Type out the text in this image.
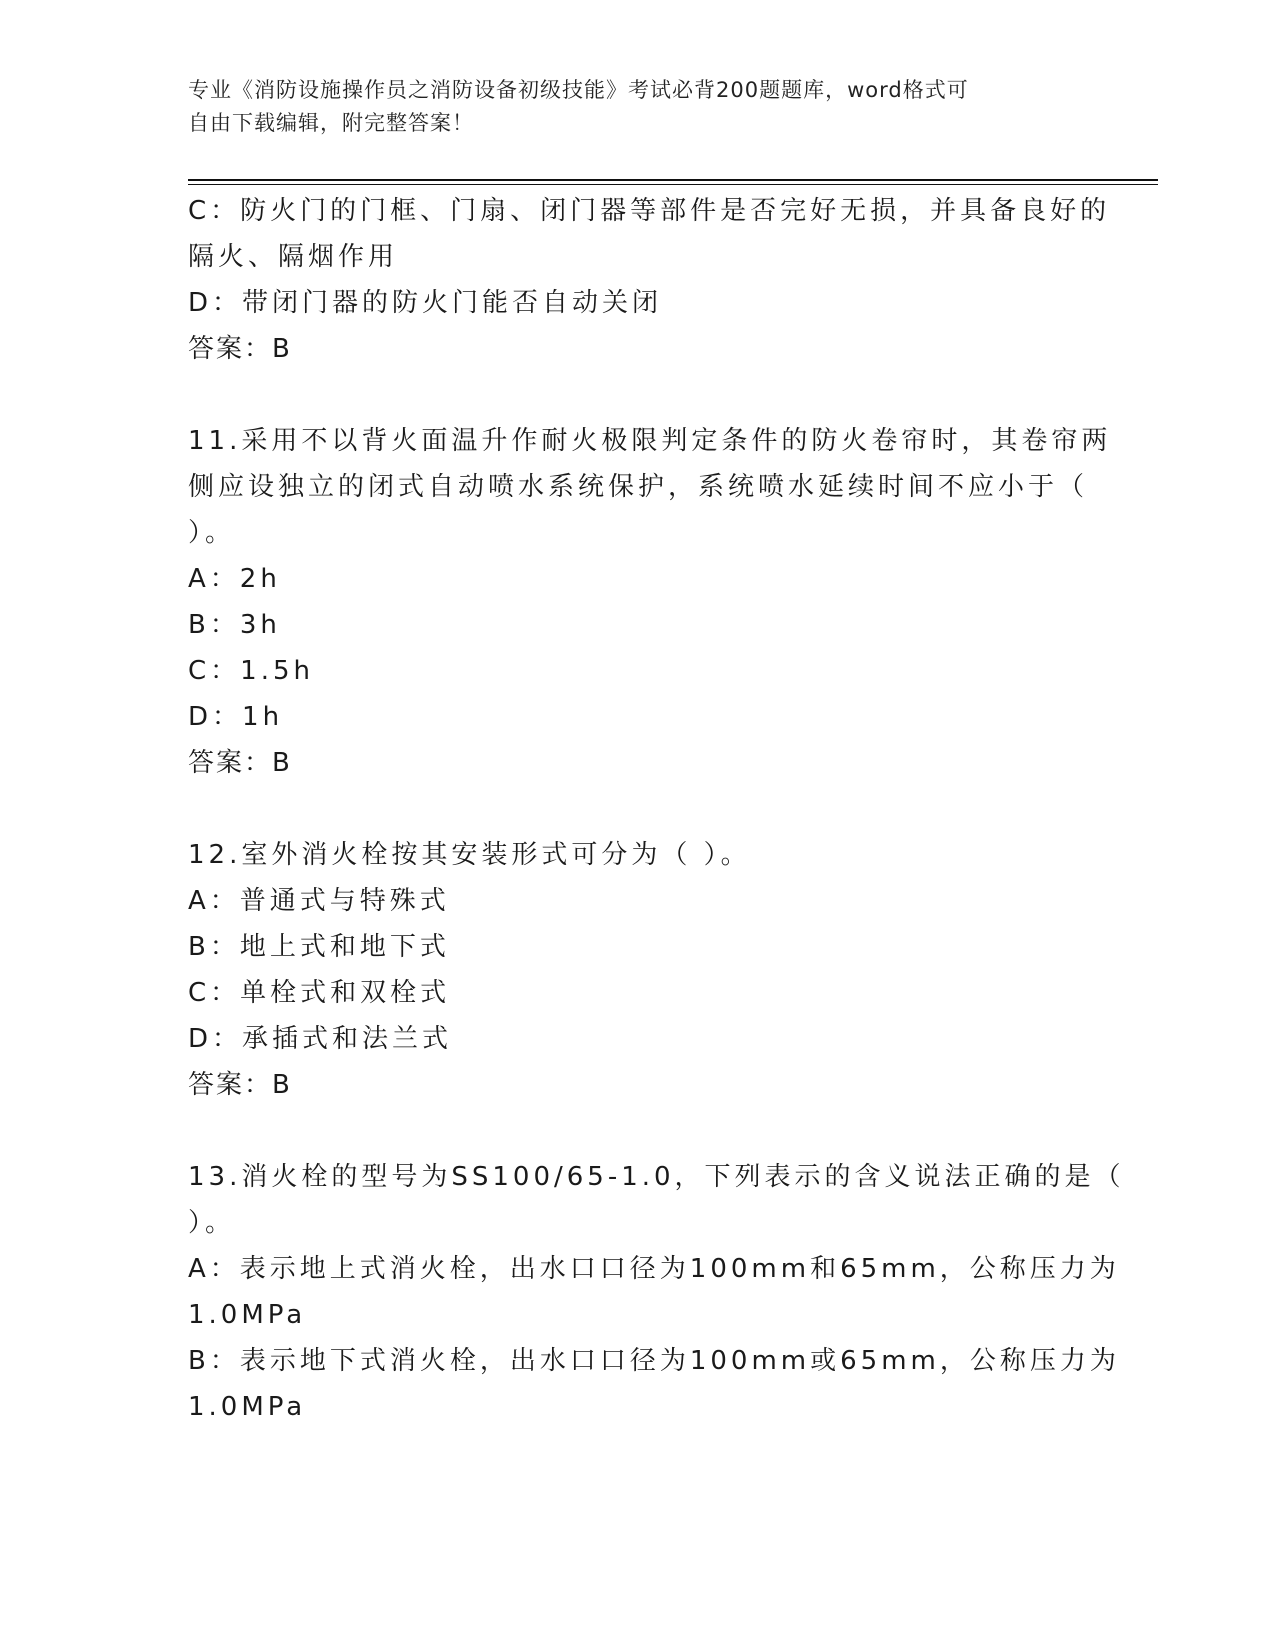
专业《消防设施操作员之消防设备初级技能》考试必背200题题库，word格式可
自由下载编辑，附完整答案！
C：防火门的门框、门扇、闭门器等部件是否完好无损，并具备良好的
隔火、隔烟作用
D：带闭门器的防火门能否自动关闭
答案：B
11.采用不以背火面温升作耐火极限判定条件的防火卷帘时，其卷帘两
侧应设独立的闭式自动喷水系统保护，系统喷水延续时间不应小于（
）。
A：2h
B：3h
C：1.5h
D：1h
答案：B
12.室外消火栓按其安装形式可分为（ ）。
A：普通式与特殊式
B：地上式和地下式
C：单栓式和双栓式
D：承插式和法兰式
答案：B
13.消火栓的型号为SS100/65-1.0，下列表示的含义说法正确的是（
）。
A：表示地上式消火栓，出水口口径为100mm和65mm，公称压力为
1.0MPa
B：表示地下式消火栓，出水口口径为100mm或65mm，公称压力为
1.0MPa
